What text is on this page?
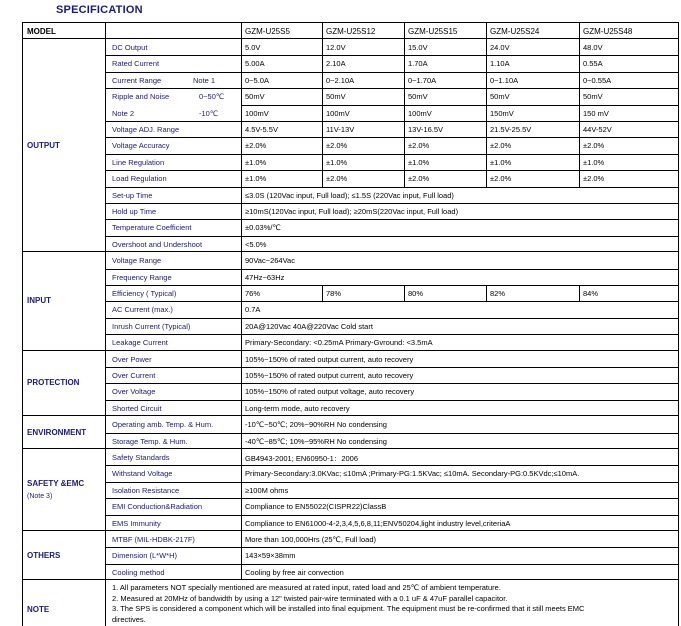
SPECIFICATION
MODEL	GZM-U25S5	GZM-U25S12	GZM-U25S15	GZM-U25S24	GZM-U25S48
OUTPUT
DC Output	5.0V	12.0V	15.0V	24.0V	48.0V
Rated Current	5.00A	2.10A	1.70A	1.10A	0.55A
Current Range	Note 1	0~5.0A	0~2.10A	0~1.70A	0~1.10A	0~0.55A
Ripple and Noise	0~50℃	50mV	50mV	50mV	50mV	50mV
Note 2	-10℃	100mV	100mV	100mV	150mV	150 mV
Voltage ADJ. Range	4.5V-5.5V	11V-13V	13V-16.5V	21.5V-25.5V	44V-52V
Voltage Accuracy	±2.0%	±2.0%	±2.0%	±2.0%	±2.0%
Line Regulation	±1.0%	±1.0%	±1.0%	±1.0%	±1.0%
Load Regulation	±1.0%	±2.0%	±2.0%	±2.0%	±2.0%
Set-up Time	≤3.0S (120Vac input, Full load); ≤1.5S (220Vac input, Full load)
Hold up Time	≥10mS(120Vac input, Full load); ≥20mS(220Vac input, Full load)
Temperature Coefficient	±0.03%/℃
Overshoot and Undershoot	<5.0%
INPUT
Voltage Range	90Vac~264Vac
Frequency Range	47Hz~63Hz
Efficiency ( Typical)	76%	78%	80%	82%	84%
AC Current (max.)	0.7A
Inrush Current (Typical)	20A@120Vac 40A@220Vac Cold start
Leakage Current	Primary-Secondary: <0.25mA Primary-Gvround: <3.5mA
PROTECTION
Over Power	105%~150% of rated output current, auto recovery
Over Current	105%~150% of rated output current, auto recovery
Over Voltage	105%~150% of rated output voltage, auto recovery
Shorted Circuit	Long-term mode, auto recovery
ENVIRONMENT
Operating amb. Temp. & Hum.	-10℃~50℃; 20%~90%RH No condensing
Storage Temp. & Hum.	-40℃~85℃; 10%~95%RH No condensing
SAFETY &EMC
(Note 3)
Safety Standards	GB4943-2001; EN60950-1：2006
Withstand Voltage	Primary-Secondary:3.0KVac; ≤10mA ;Primary-PG:1.5KVac; ≤10mA. Secondary-PG:0.5KVdc;≤10mA.
Isolation Resistance	≥100M ohms
EMI Conduction&Radiation	Compliance to EN55022(CISPR22)ClassB
EMS Immunity	Compliance to EN61000-4-2,3,4,5,6,8,11;ENV50204,light industry level,criteriaA
OTHERS
MTBF (MIL-HDBK-217F)	More than 100,000Hrs (25℃, Full load)
Dimension (L*W*H)	143×59×38mm
Cooling method	Cooling by free air convection
NOTE
1. All parameters NOT specially mentioned are measured at rated input, rated load and 25℃ of ambient temperature.
2. Measured at 20MHz of bandwidth by using a 12" twisted pair-wire terminated with a 0.1 uF & 47uF parallel capacitor.
3. The SPS is considered a component which will be installed into final equipment. The equipment must be re-confirmed that it still meets EMC
directives.
